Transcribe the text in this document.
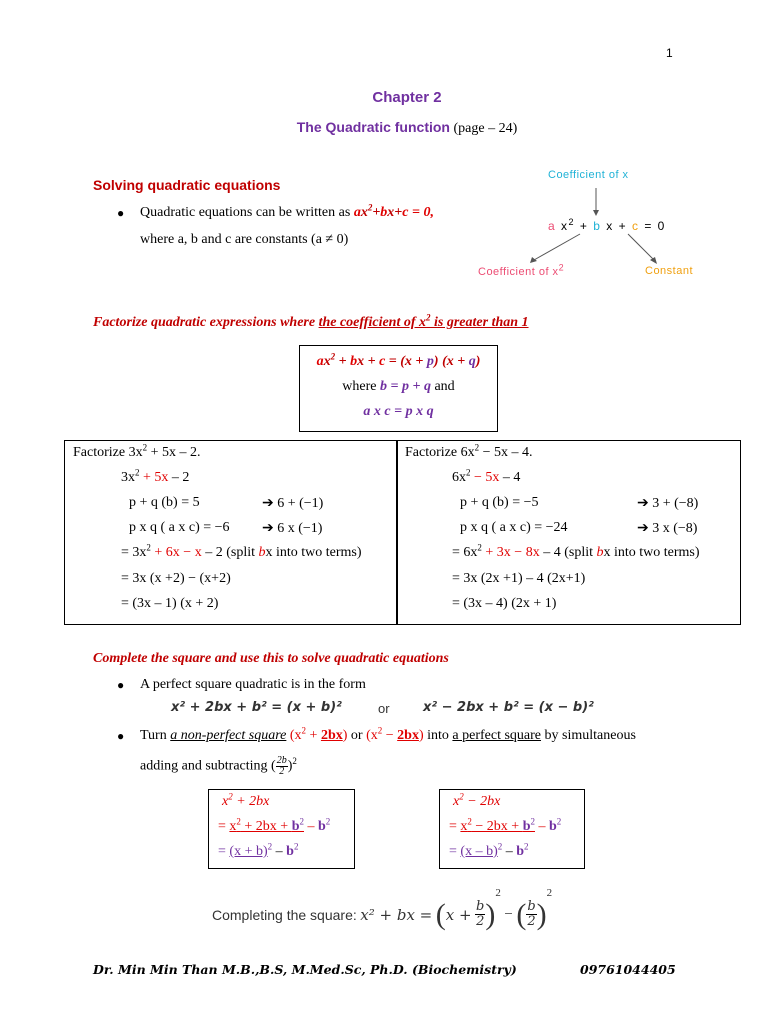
1
Chapter 2
The Quadratic function (page – 24)
Solving quadratic equations
● Quadratic equations can be written as $ax^2+bx+c = 0$,
where a, b and c are constants (a ≠ 0)
Coefficient of x
a $x^2 + b$ x + c = 0
Coefficient of $x^2$	Constant
Factorize quadratic expressions where the coefficient of $x^2$ is greater than 1
$ax^2$ + bx + c = (x + p) (x + q)
where b = p + q and
a x c = p x q
Factorize $3x^2 + 5x - 2$.
$3x^2 + 5x - 2$
p + q (b) = 5	➔ 6 + (−1)
p x q ( a x c) = −6 ➔ 6 x (−1)
= $3x^2 + 6x - x - 2$ (split bx into two terms)
= 3x (x +2) − (x+2)
= (3x – 1) (x + 2)
Factorize $6x^2 - 5x - 4$.
$6x^2 - 5x - 4$
p + q (b) = −5	➔ 3 + (−8)
p x q ( a x c) = −24	➔ 3 x (−8)
= $6x^2 + 3x - 8x - 4$ (split bx into two terms)
= 3x (2x +1) – 4 (2x+1)
= (3x – 4) (2x + 1)
Complete the square and use this to solve quadratic equations
● A perfect square quadratic is in the form
x² + 2bx + b² = (x + b)²	or	x² − 2bx + b² = (x − b)²
● Turn a non-perfect square $(x^2 + 2bx)$ or $(x^2 - 2bx)$ into a perfect square by simultaneous
adding and subtracting ( $\frac{2b}{2} )^2$
$x^2 + 2bx$
= $x^2 + 2bx + b^2 - b^2$
= $(x + b)^2 - b^2$
$x^2 - 2bx$
= $x^2 - 2bx + b^2 - b^2$
= $(x - b)^2 - b^2$
Completing the square: x² + bx = $(x + \frac{b}{2} )^2$ − ( $\frac{b}{2} )^2$
Dr. Min Min Than M.B.,B.S, M.Med.Sc, Ph.D. (Biochemistry)	09761044405
